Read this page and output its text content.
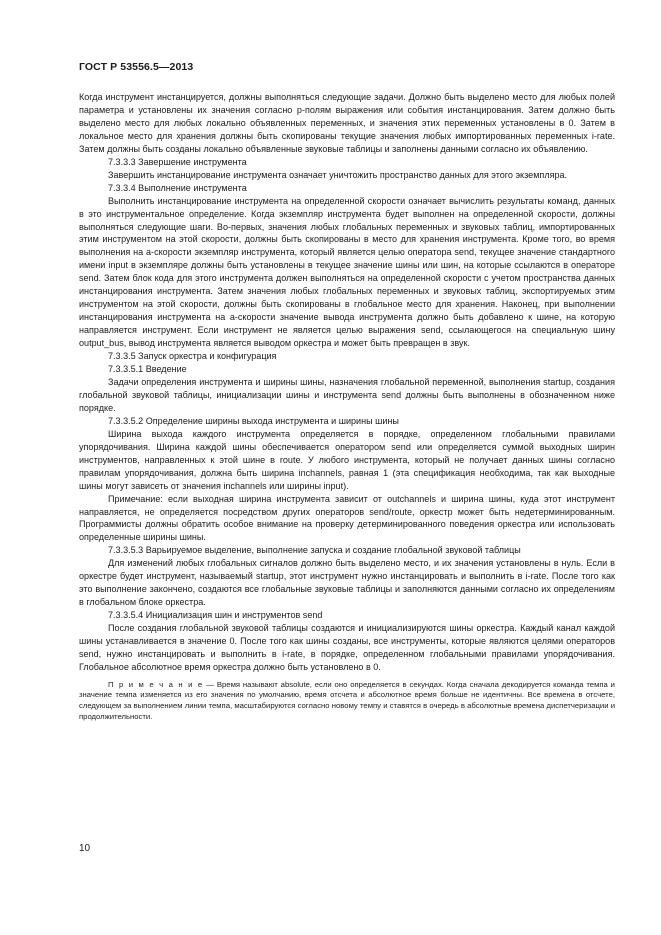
ГОСТ Р 53556.5—2013

Когда инструмент инстанцируется, должны выполняться следующие задачи. Должно быть выделено место для любых полей параметра и установлены их значения согласно p-полям выражения или события инстанцирования. Затем должно быть выделено место для любых локально объявленных переменных, и значения этих переменных установлены в 0. Затем в локальное место для хранения должны быть скопированы текущие значения любых импортированных переменных i-rate. Затем должны быть созданы локально объявленные звуковые таблицы и заполнены данными согласно их объявлению.

7.3.3.3 Завершение инструмента

Завершить инстанцирование инструмента означает уничтожить пространство данных для этого экземпляра.

7.3.3.4 Выполнение инструмента

Выполнить инстанцирование инструмента на определенной скорости означает вычислить результаты команд, данных в это инструментальное определение. Когда экземпляр инструмента будет выполнен на определенной скорости, должны выполняться следующие шаги. Во-первых, значения любых глобальных переменных и звуковых таблиц, импортированных этим инструментом на этой скорости, должны быть скопированы в место для хранения инструмента. Кроме того, во время выполнения на a-скорости экземпляр инструмента, который является целью оператора send, текущее значение стандартного имени input в экземпляре должны быть установлены в текущее значение шины или шин, на которые ссылаются в операторе send. Затем блок кода для этого инструмента должен выполняться на определенной скорости с учетом пространства данных инстанцирования инструмента. Затем значения любых глобальных переменных и звуковых таблиц, экспортируемых этим инструментом на этой скорости, должны быть скопированы в глобальное место для хранения. Наконец, при выполнении инстанцирования инструмента на a-скорости значение вывода инструмента должно быть добавлено к шине, на которую направляется инструмент. Если инструмент не является целью выражения send, ссылающегося на специальную шину output_bus, вывод инструмента является выводом оркестра и может быть превращен в звук.

7.3.3.5 Запуск оркестра и конфигурация

7.3.3.5.1 Введение

Задачи определения инструмента и ширины шины, назначения глобальной переменной, выполнения startup, создания глобальной звуковой таблицы, инициализации шины и инструмента send должны быть выполнены в обозначенном ниже порядке.

7.3.3.5.2 Определение ширины выхода инструмента и ширины шины

Ширина выхода каждого инструмента определяется в порядке, определенном глобальными правилами упорядочивания. Ширина каждой шины обеспечивается оператором send или определяется суммой выходных ширин инструментов, направленных к этой шине в route. У любого инструмента, который не получает данных шины согласно правилам упорядочивания, должна быть ширина inchannels, равная 1 (эта спецификация необходима, так как выходные шины могут зависеть от значения inchannels или ширины input).

Примечание: если выходная ширина инструмента зависит от outchannels и ширина шины, куда этот инструмент направляется, не определяется посредством других операторов send/route, оркестр может быть недетерминированным. Программисты должны обратить особое внимание на проверку детерминированного поведения оркестра или использовать определенные ширины шины.

7.3.3.5.3 Варьируемое выделение, выполнение запуска и создание глобальной звуковой таблицы

Для изменений любых глобальных сигналов должно быть выделено место, и их значения установлены в нуль. Если в оркестре будет инструмент, называемый startup, этот инструмент нужно инстанцировать и выполнить в i-rate. После того как это выполнение закончено, создаются все глобальные звуковые таблицы и заполняются данными согласно их определениям в глобальном блоке оркестра.

7.3.3.5.4 Инициализация шин и инструментов send

После создания глобальной звуковой таблицы создаются и инициализируются шины оркестра. Каждый канал каждой шины устанавливается в значение 0. После того как шины созданы, все инструменты, которые являются целями операторов send, нужно инстанцировать и выполнить в i-rate, в порядке, определенном глобальными правилами упорядочивания. Глобальное абсолютное время оркестра должно быть установлено в 0.

П р и м е ч а н и е — Время называют absolute, если оно определяется в секундах. Когда сначала декодируется команда темпа и значение темпа изменяется из его значения по умолчанию, время отсчета и абсолютное время больше не идентичны. Все времена в отсчете, следующем за выполнением линии темпа, масштабируются согласно новому темпу и ставятся в очередь в абсолютные времена диспетчеризации и продолжительности.

10
